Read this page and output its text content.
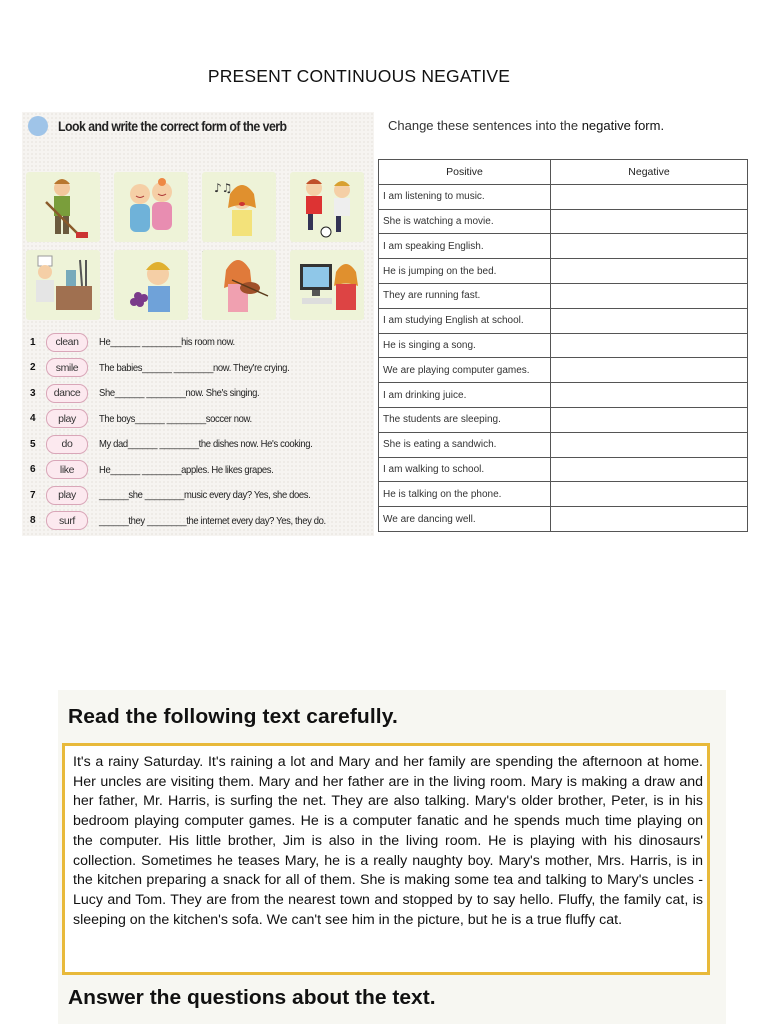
PRESENT CONTINUOUS NEGATIVE
Look and write the correct form of the verb
♪♫
1	clean	He______ ________his room now.
2	smile	The babies______ ________now. They're crying.
3	dance	She______ ________now. She's singing.
4	play	The boys______ ________soccer now.
5	do	My dad______ ________the dishes now. He's cooking.
6	like	He______ ________apples. He likes grapes.
7	play	______she ________music every day? Yes, she does.
8	surf	______they ________the internet every day? Yes, they do.
Change these sentences into the negative form.
Positive	Negative
I am listening to music.	
She is watching a movie.	
I am speaking English.	
He is jumping on the bed.	
They are running fast.	
I am studying English at school.	
He is singing a song.	
We are playing computer games.	
I am drinking juice.	
The students are sleeping.	
She is eating a sandwich.	
I am walking to school.	
He is talking on the phone.	
We are dancing well.	
Read the following text carefully.
It's a rainy Saturday. It's raining a lot and Mary and her family are spending the afternoon at home. Her uncles are visiting them. Mary and her father are in the living room. Mary is making a draw and her father, Mr. Harris, is surfing the net. They are also talking. Mary's older brother, Peter, is in his bedroom playing computer games. He is a computer fanatic and he spends much time playing on the computer. His little brother, Jim is also in the living room. He is playing with his dinosaurs' collection. Sometimes he teases Mary, he is a really naughty boy. Mary's mother, Mrs. Harris, is in the kitchen preparing a snack for all of them. She is making some tea and talking to Mary's uncles - Lucy and Tom. They are from the nearest town and stopped by to say hello. Fluffy, the family cat, is sleeping on the kitchen's sofa. We can't see him in the picture, but he is a true fluffy cat.
Answer the questions about the text.
